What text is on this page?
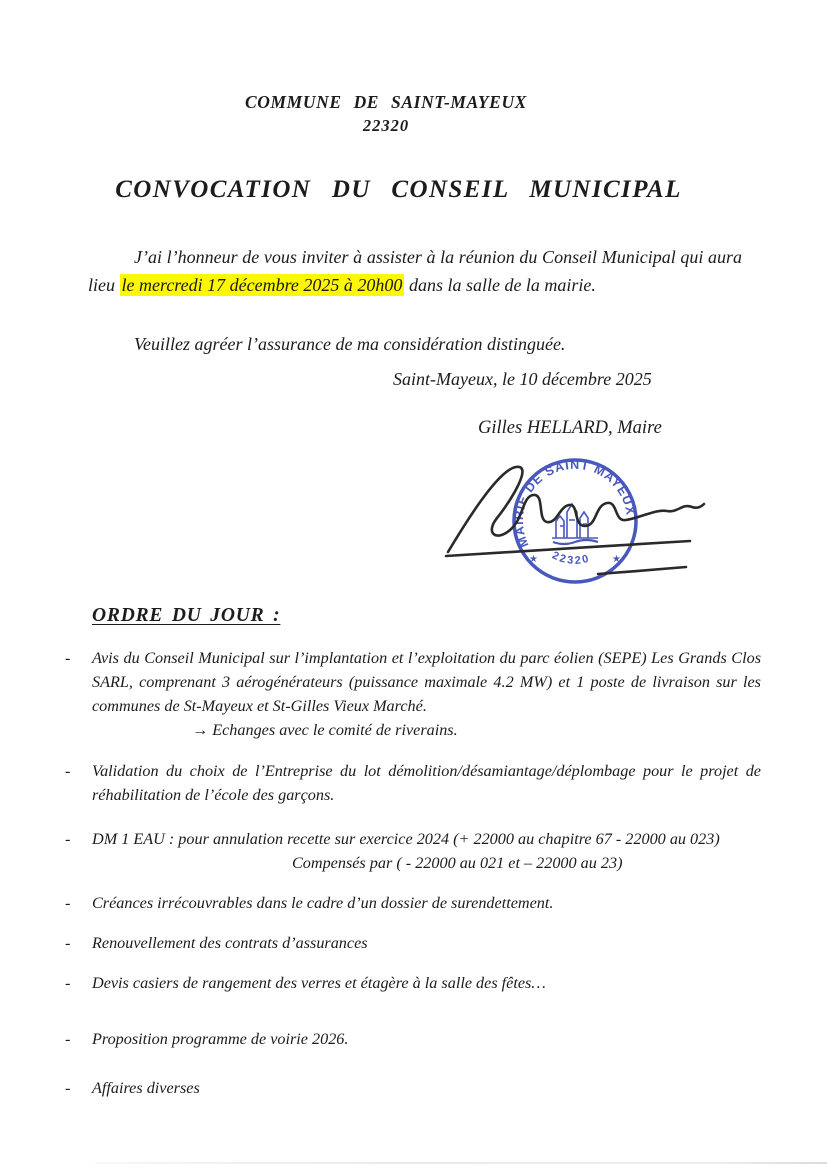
COMMUNE DE SAINT-MAYEUX
22320
CONVOCATION DU CONSEIL MUNICIPAL
J’ai l’honneur de vous inviter à assister à la réunion du Conseil Municipal qui aura lieu le mercredi 17 décembre 2025 à 20h00 dans la salle de la mairie.
Veuillez agréer l’assurance de ma considération distinguée.
Saint-Mayeux, le 10 décembre 2025
Gilles HELLARD, Maire
MAIRIE DE SAINT MAYEUX
22320
★	★
ORDRE DU JOUR :
-	Avis du Conseil Municipal sur l’implantation et l’exploitation du parc éolien (SEPE) Les Grands Clos SARL, comprenant 3 aérogénérateurs (puissance maximale 4.2 MW) et 1 poste de livraison sur les communes de St-Mayeux et St-Gilles Vieux Marché.
→ Echanges avec le comité de riverains.
-	Validation du choix de l’Entreprise du lot démolition/désamiantage/déplombage pour le projet de réhabilitation de l’école des garçons.
-	DM 1 EAU : pour annulation recette sur exercice 2024 (+ 22000 au chapitre 67 - 22000 au 023)
Compensés par ( - 22000 au 021 et – 22000 au 23)
-	Créances irrécouvrables dans le cadre d’un dossier de surendettement.
-	Renouvellement des contrats d’assurances
-	Devis casiers de rangement des verres et étagère à la salle des fêtes…
-	Proposition programme de voirie 2026.
-	Affaires diverses
